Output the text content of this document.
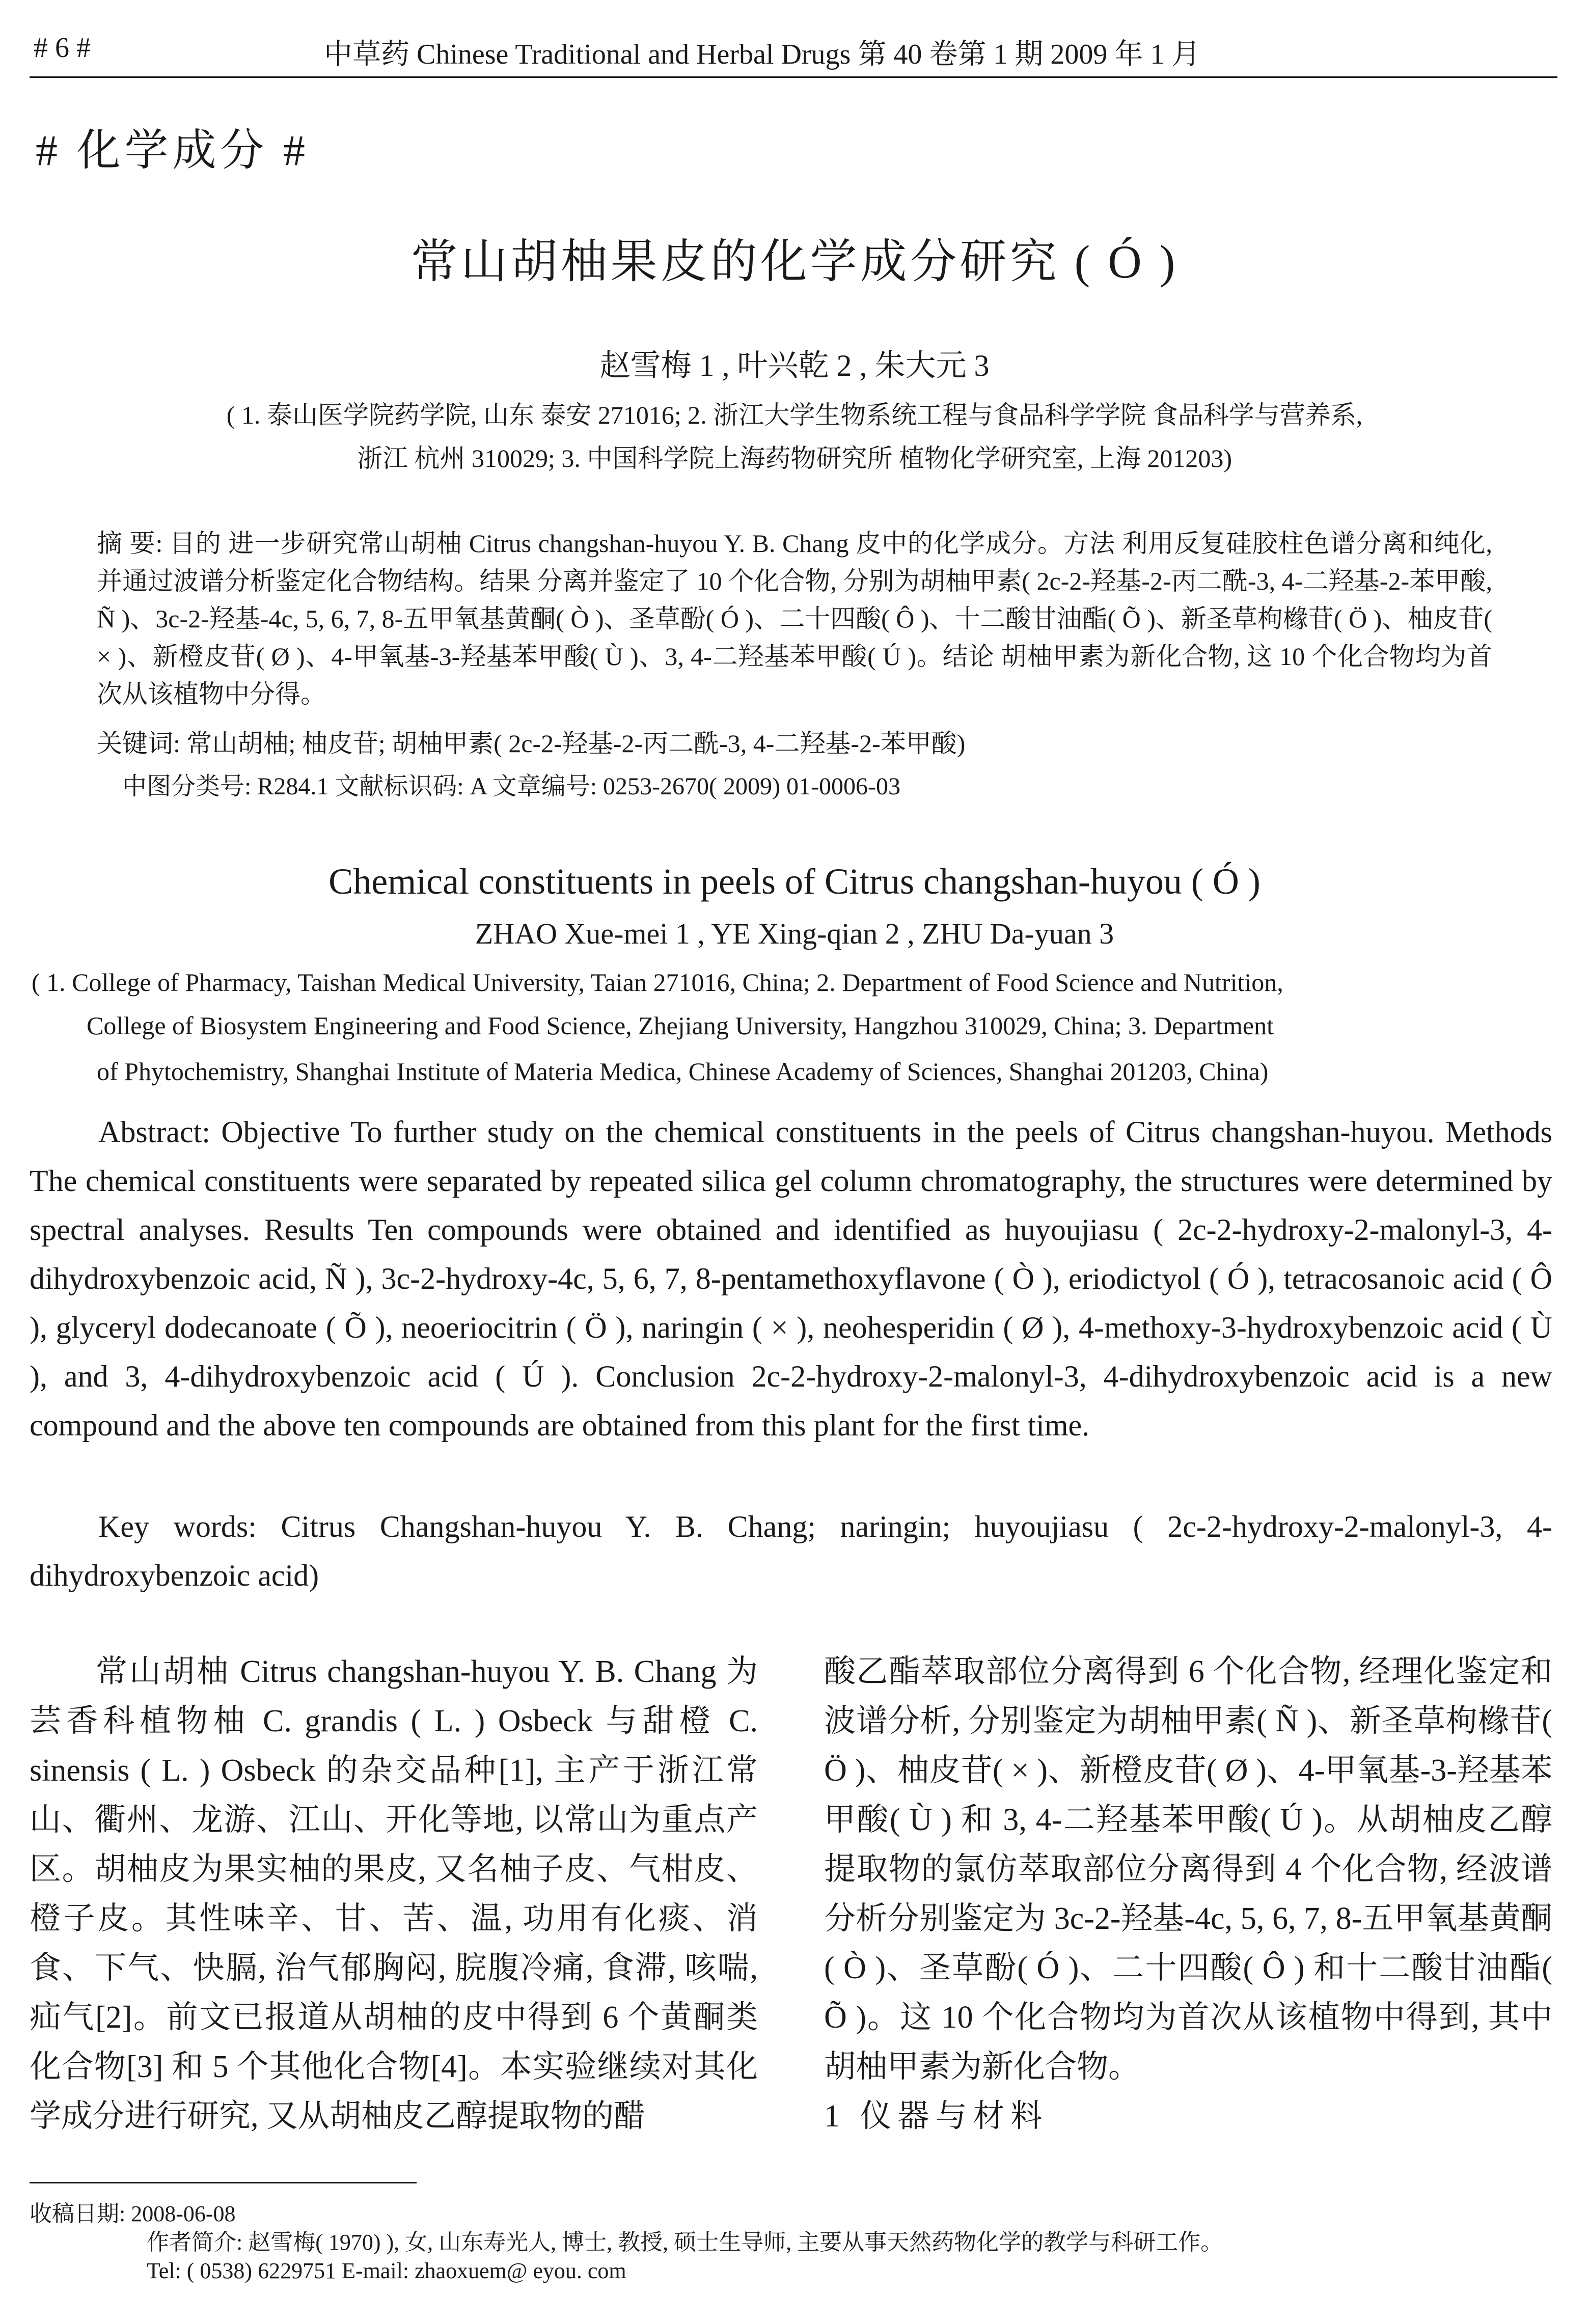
# 6 #	中草药 Chinese Traditional and Herbal Drugs 第 40 卷第 1 期 2009 年 1 月
# 化学成分 #
常山胡柚果皮的化学成分研究 ( Ó )
赵雪梅 1 , 叶兴乾 2 , 朱大元 3
( 1. 泰山医学院药学院, 山东 泰安 271016; 2. 浙江大学生物系统工程与食品科学学院 食品科学与营养系,
浙江 杭州 310029; 3. 中国科学院上海药物研究所 植物化学研究室, 上海 201203)

摘 要: 目的 进一步研究常山胡柚 Citrus changshan-huyou Y. B. Chang 皮中的化学成分。方法 利用反复硅胶柱色谱分离和纯化, 并通过波谱分析鉴定化合物结构。结果 分离并鉴定了 10 个化合物, 分别为胡柚甲素( 2c-2-羟基-2-丙二酰-3, 4-二羟基-2-苯甲酸, Ñ )、3c-2-羟基-4c, 5, 6, 7, 8-五甲氧基黄酮( Ò )、圣草酚( Ó )、二十四酸( Ô )、十二酸甘油酯( Õ )、新圣草枸橼苷( Ö )、柚皮苷( × )、新橙皮苷( Ø )、4-甲氧基-3-羟基苯甲酸( Ù )、3, 4-二羟基苯甲酸( Ú )。结论 胡柚甲素为新化合物, 这 10 个化合物均为首次从该植物中分得。

关键词: 常山胡柚; 柚皮苷; 胡柚甲素( 2c-2-羟基-2-丙二酰-3, 4-二羟基-2-苯甲酸)
中图分类号: R284.1 文献标识码: A 文章编号: 0253-2670( 2009) 01-0006-03
Chemical constituents in peels of Citrus changshan-huyou ( Ó )
ZHAO Xue-mei 1 , YE Xing-qian 2 , ZHU Da-yuan 3
( 1. College of Pharmacy, Taishan Medical University, Taian 271016, China; 2. Department of Food Science and Nutrition,
College of Biosystem Engineering and Food Science, Zhejiang University, Hangzhou 310029, China; 3. Department
of Phytochemistry, Shanghai Institute of Materia Medica, Chinese Academy of Sciences, Shanghai 201203, China)

Abstract: Objective To further study on the chemical constituents in the peels of Citrus changshan-huyou. Methods The chemical constituents were separated by repeated silica gel column chromatography, the structures were determined by spectral analyses. Results Ten compounds were obtained and identified as huyoujiasu ( 2c-2-hydroxy-2-malonyl-3, 4-dihydroxybenzoic acid, Ñ ), 3c-2-hydroxy-4c, 5, 6, 7, 8-pentamethoxyflavone ( Ò ), eriodictyol ( Ó ), tetracosanoic acid ( Ô ), glyceryl dodecanoate ( Õ ), neoeriocitrin ( Ö ), naringin ( × ), neohesperidin ( Ø ), 4-methoxy-3-hydroxybenzoic acid ( Ù ), and 3, 4-dihydroxybenzoic acid ( Ú ). Conclusion 2c-2-hydroxy-2-malonyl-3, 4-dihydroxybenzoic acid is a new compound and the above ten compounds are obtained from this plant for the first time.

Key words: Citrus Changshan-huyou Y. B. Chang; naringin; huyoujiasu ( 2c-2-hydroxy-2-malonyl-3, 4-dihydroxybenzoic acid)
常山胡柚 Citrus changshan-huyou Y. B. Chang 为芸香科植物柚 C. grandis ( L. ) Osbeck 与甜橙 C. sinensis ( L. ) Osbeck 的杂交品种[1], 主产于浙江常山、衢州、龙游、江山、开化等地, 以常山为重点产区。胡柚皮为果实柚的果皮, 又名柚子皮、气柑皮、橙子皮。其性味辛、甘、苦、温, 功用有化痰、消食、下气、快膈, 治气郁胸闷, 脘腹冷痛, 食滞, 咳喘, 疝气[2]。前文已报道从胡柚的皮中得到 6 个黄酮类化合物[3] 和 5 个其他化合物[4]。本实验继续对其化学成分进行研究, 又从胡柚皮乙醇提取物的醋
酸乙酯萃取部位分离得到 6 个化合物, 经理化鉴定和波谱分析, 分别鉴定为胡柚甲素( Ñ )、新圣草枸橼苷( Ö )、柚皮苷( × )、新橙皮苷( Ø )、4-甲氧基-3-羟基苯甲酸( Ù ) 和 3, 4-二羟基苯甲酸( Ú )。从胡柚皮乙醇提取物的氯仿萃取部位分离得到 4 个化合物, 经波谱分析分别鉴定为 3c-2-羟基-4c, 5, 6, 7, 8-五甲氧基黄酮( Ò )、圣草酚( Ó )、二十四酸( Ô ) 和十二酸甘油酯( Õ )。这 10 个化合物均为首次从该植物中得到, 其中胡柚甲素为新化合物。
1 仪器与材料
收稿日期: 2008-06-08
作者简介: 赵雪梅( 1970) ), 女, 山东寿光人, 博士, 教授, 硕士生导师, 主要从事天然药物化学的教学与科研工作。
Tel: ( 0538) 6229751 E-mail: zhaoxuem@ eyou. com
